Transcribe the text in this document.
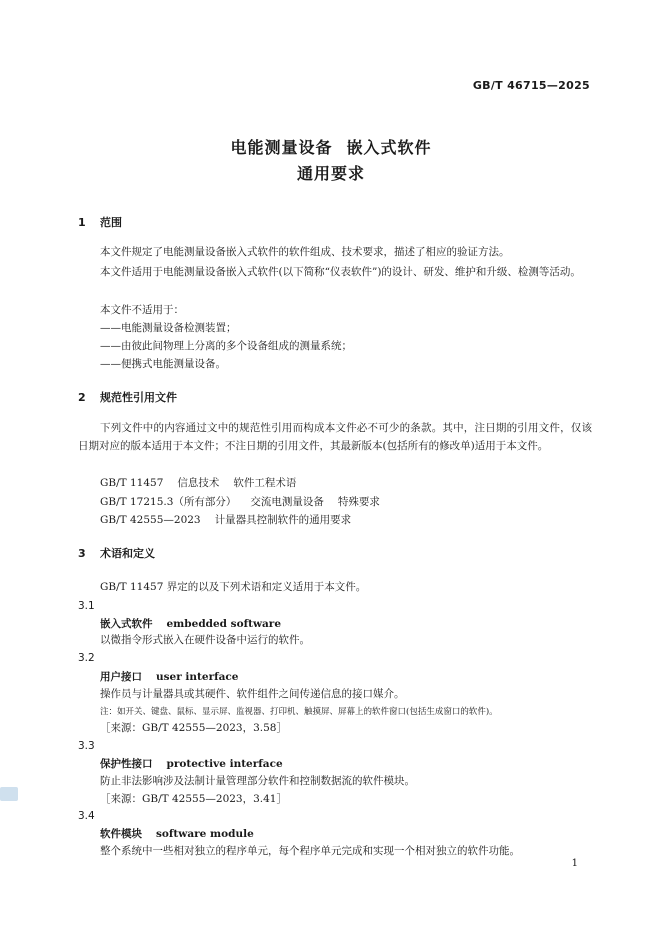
GB/T 46715—2025
电能测量设备 嵌入式软件
通用要求
1 范围
本文件规定了电能测量设备嵌入式软件的软件组成、技术要求，描述了相应的验证方法。
本文件适用于电能测量设备嵌入式软件(以下简称“仪表软件”)的设计、研发、维护和升级、检测等活动。
本文件不适用于：
——电能测量设备检测装置；
——由彼此间物理上分离的多个设备组成的测量系统；
——便携式电能测量设备。
2 规范性引用文件
下列文件中的内容通过文中的规范性引用而构成本文件必不可少的条款。其中，注日期的引用文件，仅该日期对应的版本适用于本文件；不注日期的引用文件，其最新版本(包括所有的修改单)适用于本文件。
GB/T 11457 信息技术 软件工程术语
GB/T 17215.3（所有部分） 交流电测量设备 特殊要求
GB/T 42555—2023 计量器具控制软件的通用要求
3 术语和定义
GB/T 11457 界定的以及下列术语和定义适用于本文件。
3.1
嵌入式软件 embedded software
以微指令形式嵌入在硬件设备中运行的软件。
3.2
用户接口 user interface
操作员与计量器具或其硬件、软件组件之间传递信息的接口媒介。
注：如开关、键盘、鼠标、显示屏、监视器、打印机、触摸屏、屏幕上的软件窗口(包括生成窗口的软件)。
［来源：GB/T 42555—2023，3.58］
3.3
保护性接口 protective interface
防止非法影响涉及法制计量管理部分软件和控制数据流的软件模块。
［来源：GB/T 42555—2023，3.41］
3.4
软件模块 software module
整个系统中一些相对独立的程序单元，每个程序单元完成和实现一个相对独立的软件功能。
1
